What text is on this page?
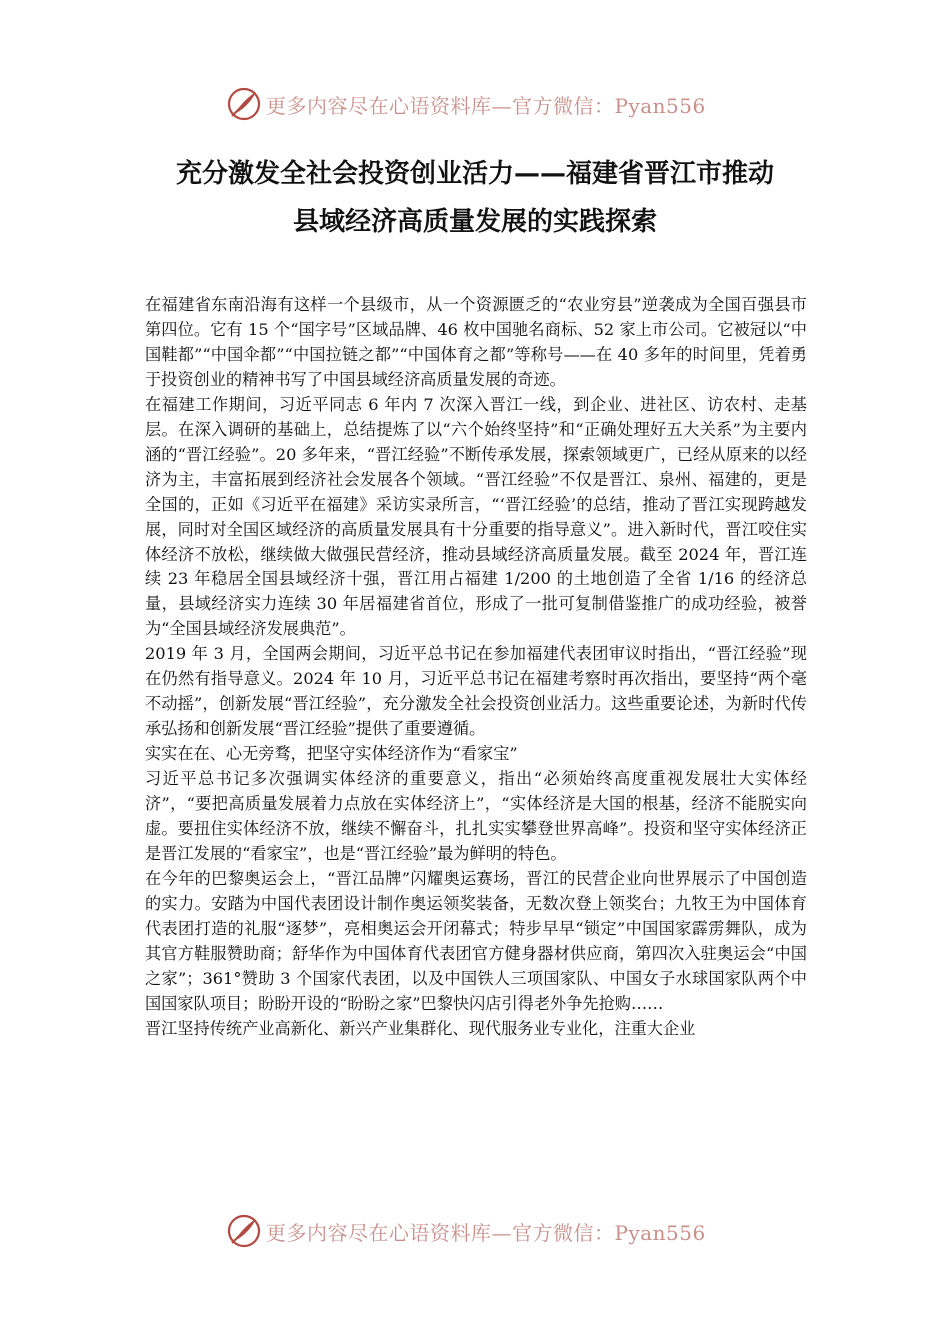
更多内容尽在心语资料库—官方微信：Pyan556
充分激发全社会投资创业活力——福建省晋江市推动
县域经济高质量发展的实践探索

在福建省东南沿海有这样一个县级市，从一个资源匮乏的“农业穷县”逆袭成为全国百强县市第四位。它有 15 个“国字号”区域品牌、46 枚中国驰名商标、52 家上市公司。它被冠以“中国鞋都”“中国伞都”“中国拉链之都”“中国体育之都”等称号——在 40 多年的时间里，凭着勇于投资创业的精神书写了中国县域经济高质量发展的奇迹。

在福建工作期间，习近平同志 6 年内 7 次深入晋江一线，到企业、进社区、访农村、走基层。在深入调研的基础上，总结提炼了以“六个始终坚持”和“正确处理好五大关系”为主要内涵的“晋江经验”。20 多年来，“晋江经验”不断传承发展，探索领域更广，已经从原来的以经济为主，丰富拓展到经济社会发展各个领域。“晋江经验”不仅是晋江、泉州、福建的，更是全国的，正如《习近平在福建》采访实录所言，“‘晋江经验’的总结，推动了晋江实现跨越发展，同时对全国区域经济的高质量发展具有十分重要的指导意义”。进入新时代，晋江咬住实体经济不放松，继续做大做强民营经济，推动县域经济高质量发展。截至 2024 年，晋江连续 23 年稳居全国县域经济十强，晋江用占福建 1/200 的土地创造了全省 1/16 的经济总量，县域经济实力连续 30 年居福建省首位，形成了一批可复制借鉴推广的成功经验，被誉为“全国县域经济发展典范”。

2019 年 3 月，全国两会期间，习近平总书记在参加福建代表团审议时指出，“晋江经验”现在仍然有指导意义。2024 年 10 月，习近平总书记在福建考察时再次指出，要坚持“两个毫不动摇”，创新发展“晋江经验”，充分激发全社会投资创业活力。这些重要论述，为新时代传承弘扬和创新发展“晋江经验”提供了重要遵循。

实实在在、心无旁骛，把坚守实体经济作为“看家宝”

习近平总书记多次强调实体经济的重要意义，指出“必须始终高度重视发展壮大实体经济”，“要把高质量发展着力点放在实体经济上”，“实体经济是大国的根基，经济不能脱实向虚。要扭住实体经济不放，继续不懈奋斗，扎扎实实攀登世界高峰”。投资和坚守实体经济正是晋江发展的“看家宝”，也是“晋江经验”最为鲜明的特色。

在今年的巴黎奥运会上，“晋江品牌”闪耀奥运赛场，晋江的民营企业向世界展示了中国创造的实力。安踏为中国代表团设计制作奥运领奖装备，无数次登上领奖台；九牧王为中国体育代表团打造的礼服“逐梦”，亮相奥运会开闭幕式；特步早早“锁定”中国国家霹雳舞队，成为其官方鞋服赞助商；舒华作为中国体育代表团官方健身器材供应商，第四次入驻奥运会“中国之家”；361°赞助 3 个国家代表团，以及中国铁人三项国家队、中国女子水球国家队两个中国国家队项目；盼盼开设的“盼盼之家”巴黎快闪店引得老外争先抢购……

晋江坚持传统产业高新化、新兴产业集群化、现代服务业专业化，注重大企业

更多内容尽在心语资料库—官方微信：Pyan556
